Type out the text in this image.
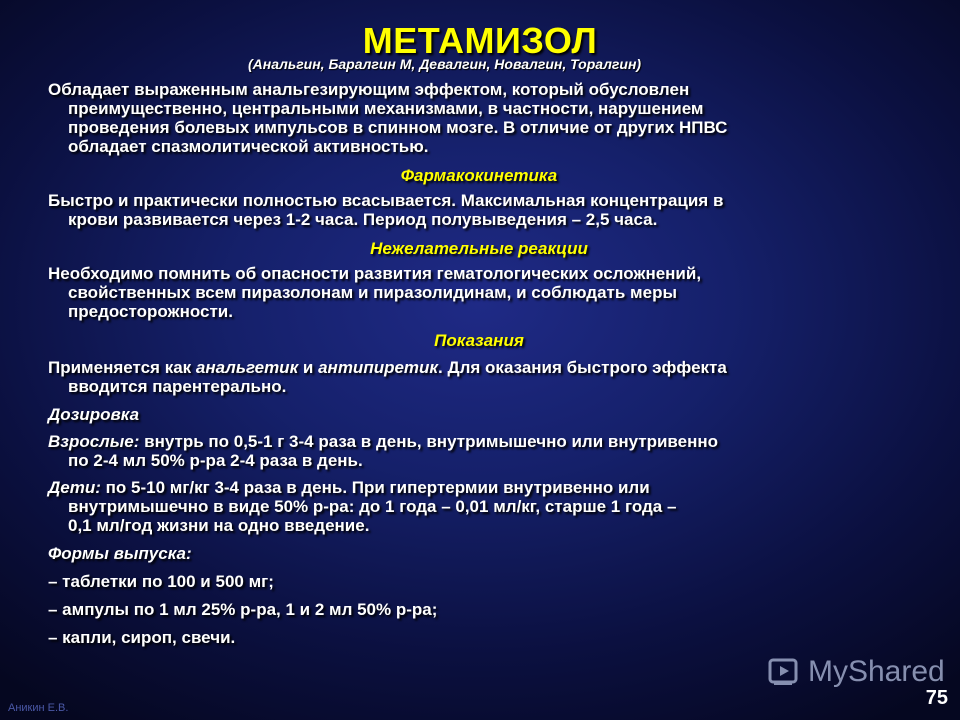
МЕТАМИЗОЛ
(Анальгин, Баралгин М, Девалгин, Новалгин, Торалгин)

Обладает выраженным анальгезирующим эффектом, который обусловлен
преимущественно, центральными механизмами, в частности, нарушением
проведения болевых импульсов в спинном мозге. В отличие от других НПВС
обладает спазмолитической активностью.

Фармакокинетика

Быстро и практически полностью всасывается. Максимальная концентрация в
крови развивается через 1-2 часа. Период полувыведения – 2,5 часа.

Нежелательные реакции

Необходимо помнить об опасности развития гематологических осложнений,
свойственных всем пиразолонам и пиразолидинам, и соблюдать меры
предосторожности.

Показания

Применяется как анальгетик и антипиретик. Для оказания быстрого эффекта
вводится парентерально.

Дозировка

Взрослые: внутрь по 0,5-1 г 3-4 раза в день, внутримышечно или внутривенно
по 2-4 мл 50% р-ра 2-4 раза в день.

Дети: по 5-10 мг/кг 3-4 раза в день. При гипертермии внутривенно или
внутримышечно в виде 50% р-ра: до 1 года – 0,01 мл/кг, старше 1 года –
0,1 мл/год жизни на одно введение.

Формы выпуска:

– таблетки по 100 и 500 мг;

– ампулы по 1 мл 25% р-ра, 1 и 2 мл 50% р-ра;

– капли, сироп, свечи.

MyShared
Аникин Е.В.	75
